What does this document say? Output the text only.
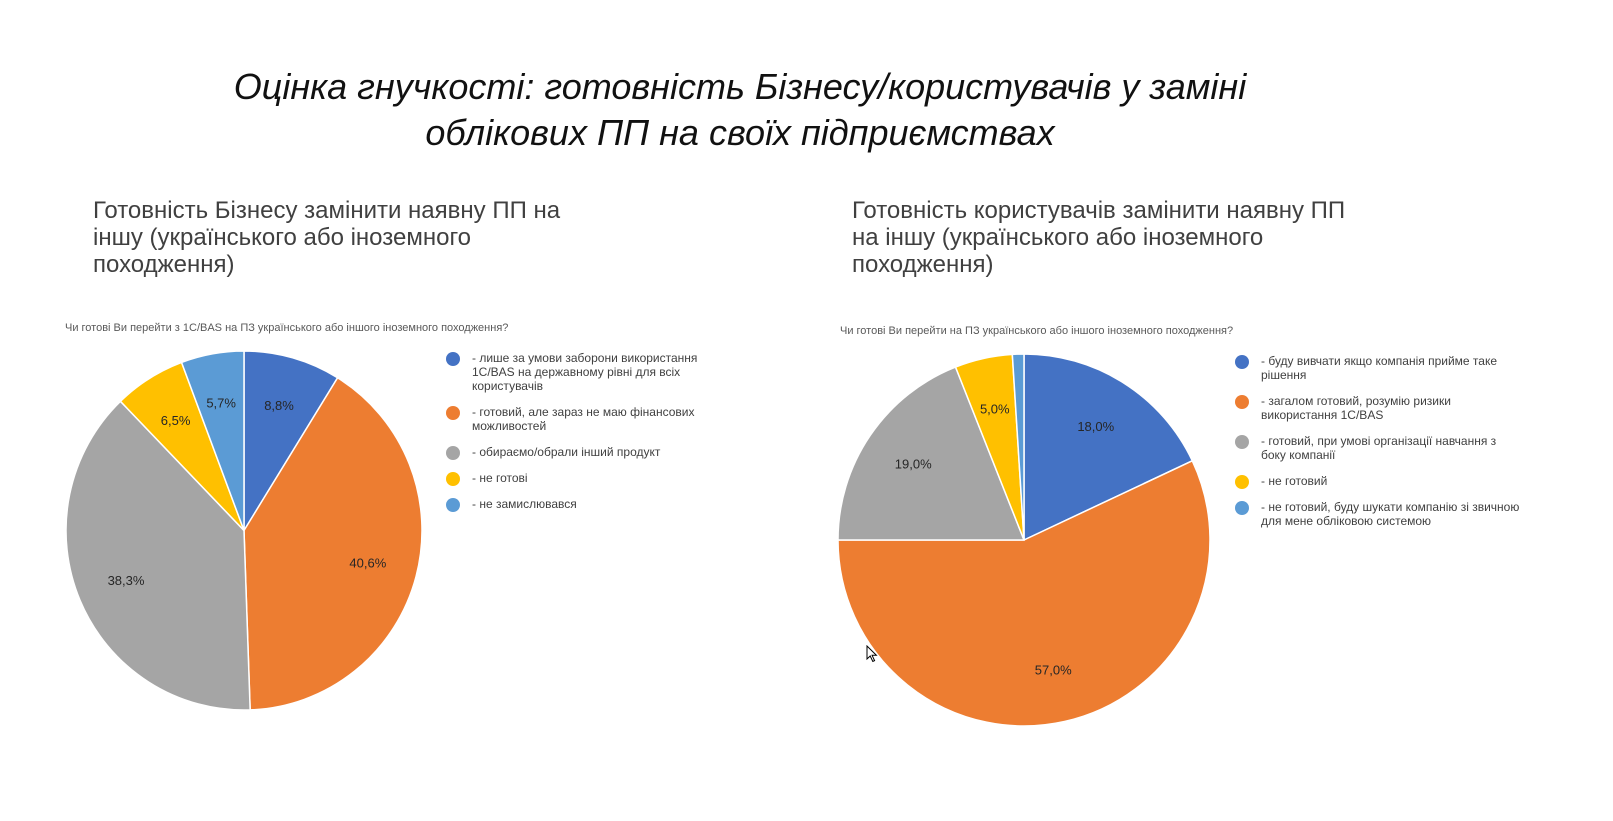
Оцінка гнучкості: готовність Бізнесу/користувачів у заміні
облікових ПП на своїх підприємствах
Готовність Бізнесу замінити наявну ПП на іншу (українського або іноземного походження)
Чи готові Ви перейти з 1С/BAS на ПЗ українського або іншого іноземного походження?
8,8%
40,6%
38,3%
6,5%
5,7%
- лише за умови заборони використання 1С/BAS на державному рівні для всіх користувачів
- готовий, але зараз не маю фінансових можливостей
- обираємо/обрали інший продукт
- не готові
- не замислювався
Готовність користувачів замінити наявну ПП на іншу (українського або іноземного походження)
Чи готові Ви перейти на ПЗ українського або іншого іноземного походження?
18,0%
57,0%
19,0%
5,0%
- буду вивчати якщо компанія прийме таке рішення
- загалом готовий, розумію ризики використання 1С/BAS
- готовий, при умові організації навчання з боку компанії
- не готовий
- не готовий, буду шукати компанію зі звичною для мене обліковою системою
